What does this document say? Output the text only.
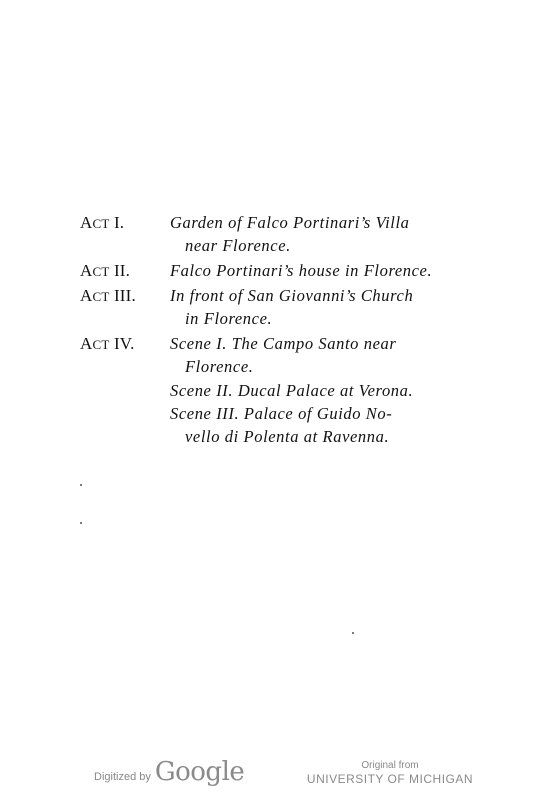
ACT I.	Garden of Falco Portinari’s Villa
near Florence.
ACT II.	Falco Portinari’s house in Florence.
ACT III.	In front of San Giovanni’s Church
in Florence.
ACT IV.	Scene I. The Campo Santo near
Florence.
Scene II. Ducal Palace at Verona.
Scene III. Palace of Guido No-
vello di Polenta at Ravenna.
Digitized by Google	Original from
UNIVERSITY OF MICHIGAN
